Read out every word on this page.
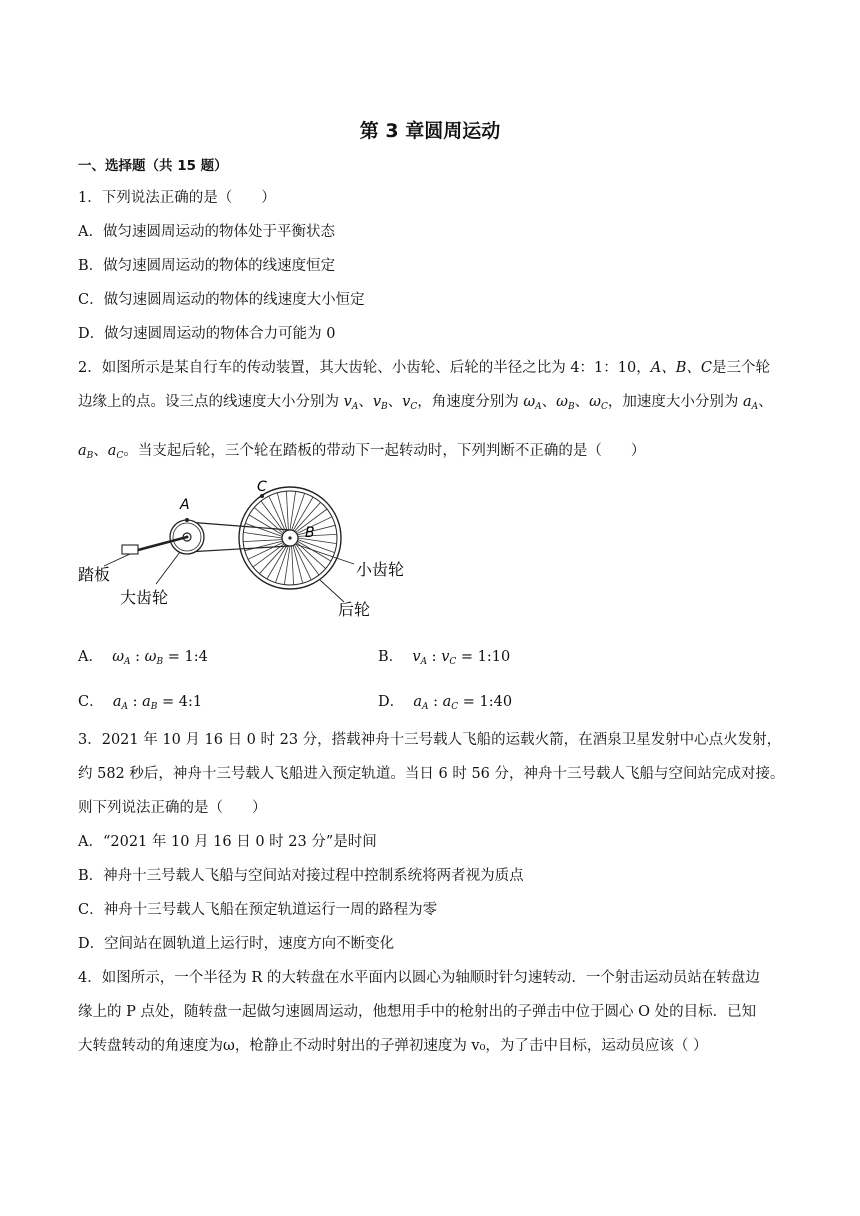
第 3 章圆周运动
一、选择题（共 15 题）
1．下列说法正确的是（　　）
A．做匀速圆周运动的物体处于平衡状态
B．做匀速圆周运动的物体的线速度恒定
C．做匀速圆周运动的物体的线速度大小恒定
D．做匀速圆周运动的物体合力可能为 0
2．如图所示是某自行车的传动装置，其大齿轮、小齿轮、后轮的半径之比为 4：1：10，A、B、C是三个轮
边缘上的点。设三点的线速度大小分别为 $v_A$、$v_B$、$v_C$，角速度分别为 $\omega_A$、$\omega_B$、$\omega_C$，加速度大小分别为 $a_A$、
$a_B$、$a_C$。当支起后轮，三个轮在踏板的带动下一起转动时，下列判断不正确的是（　　）
A
C
B
踏板
大齿轮
小齿轮
后轮
A． $\omega_A$ : $\omega_B$ = 1:4	B． $v_A$ : $v_C$ = 1:10
C． $a_A$ : $a_B$ = 4:1	D． $a_A$ : $a_C$ = 1:40
3．2021 年 10 月 16 日 0 时 23 分，搭载神舟十三号载人飞船的运载火箭，在酒泉卫星发射中心点火发射，
约 582 秒后，神舟十三号载人飞船进入预定轨道。当日 6 时 56 分，神舟十三号载人飞船与空间站完成对接。
则下列说法正确的是（　　）
A．“2021 年 10 月 16 日 0 时 23 分”是时间
B．神舟十三号载人飞船与空间站对接过程中控制系统将两者视为质点
C．神舟十三号载人飞船在预定轨道运行一周的路程为零
D．空间站在圆轨道上运行时，速度方向不断变化
4．如图所示，一个半径为 R 的大转盘在水平面内以圆心为轴顺时针匀速转动．一个射击运动员站在转盘边
缘上的 P 点处，随转盘一起做匀速圆周运动，他想用手中的枪射出的子弹击中位于圆心 O 处的目标．已知
大转盘转动的角速度为ω，枪静止不动时射出的子弹初速度为 v₀，为了击中目标，运动员应该（ ）
